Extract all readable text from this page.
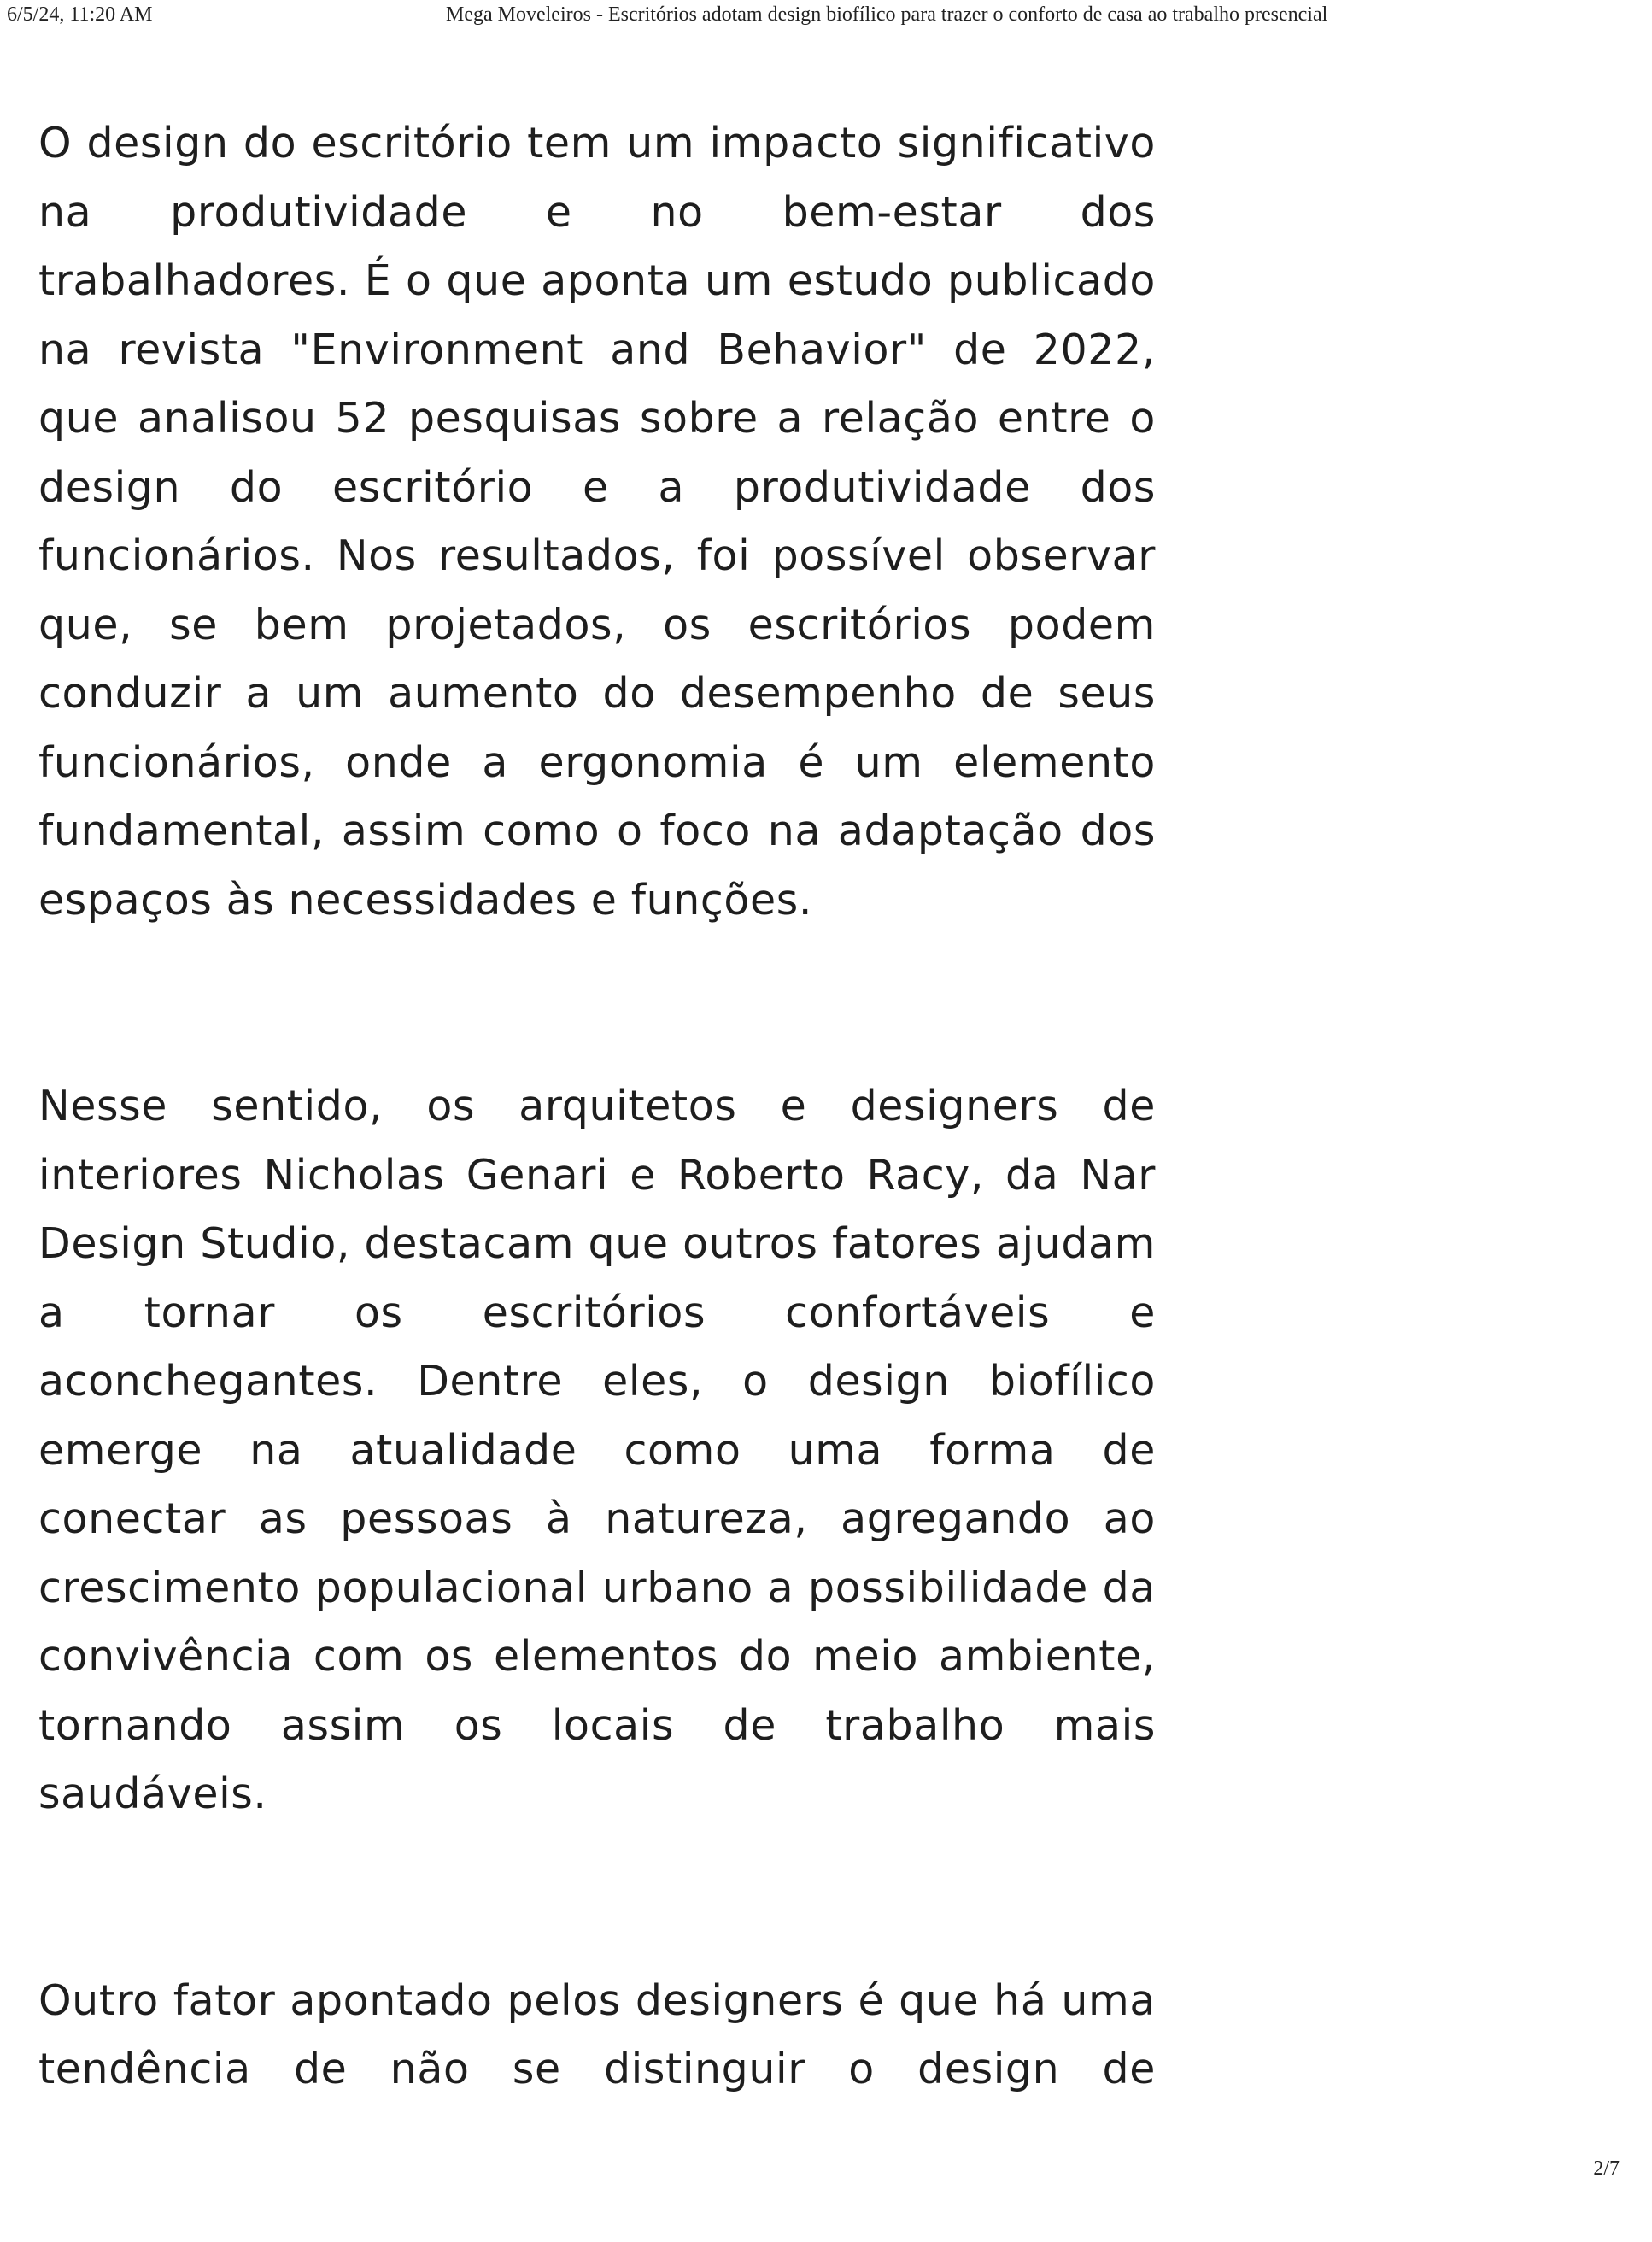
6/5/24, 11:20 AM	Mega Moveleiros - Escritórios adotam design biofílico para trazer o conforto de casa ao trabalho presencial

O design do escritório tem um impacto significativo na produtividade e no bem-estar dos trabalhadores. É o que aponta um estudo publicado na revista "Environment and Behavior" de 2022, que analisou 52 pesquisas sobre a relação entre o design do escritório e a produtividade dos funcionários. Nos resultados, foi possível observar que, se bem projetados, os escritórios podem conduzir a um aumento do desempenho de seus funcionários, onde a ergonomia é um elemento fundamental, assim como o foco na adaptação dos espaços às necessidades e funções.

Nesse sentido, os arquitetos e designers de interiores Nicholas Genari e Roberto Racy, da Nar Design Studio, destacam que outros fatores ajudam a tornar os escritórios confortáveis e aconchegantes. Dentre eles, o design biofílico emerge na atualidade como uma forma de conectar as pessoas à natureza, agregando ao crescimento populacional urbano a possibilidade da convivência com os elementos do meio ambiente, tornando assim os locais de trabalho mais saudáveis.

Outro fator apontado pelos designers é que há uma tendência de não se distinguir o design de

2/7
